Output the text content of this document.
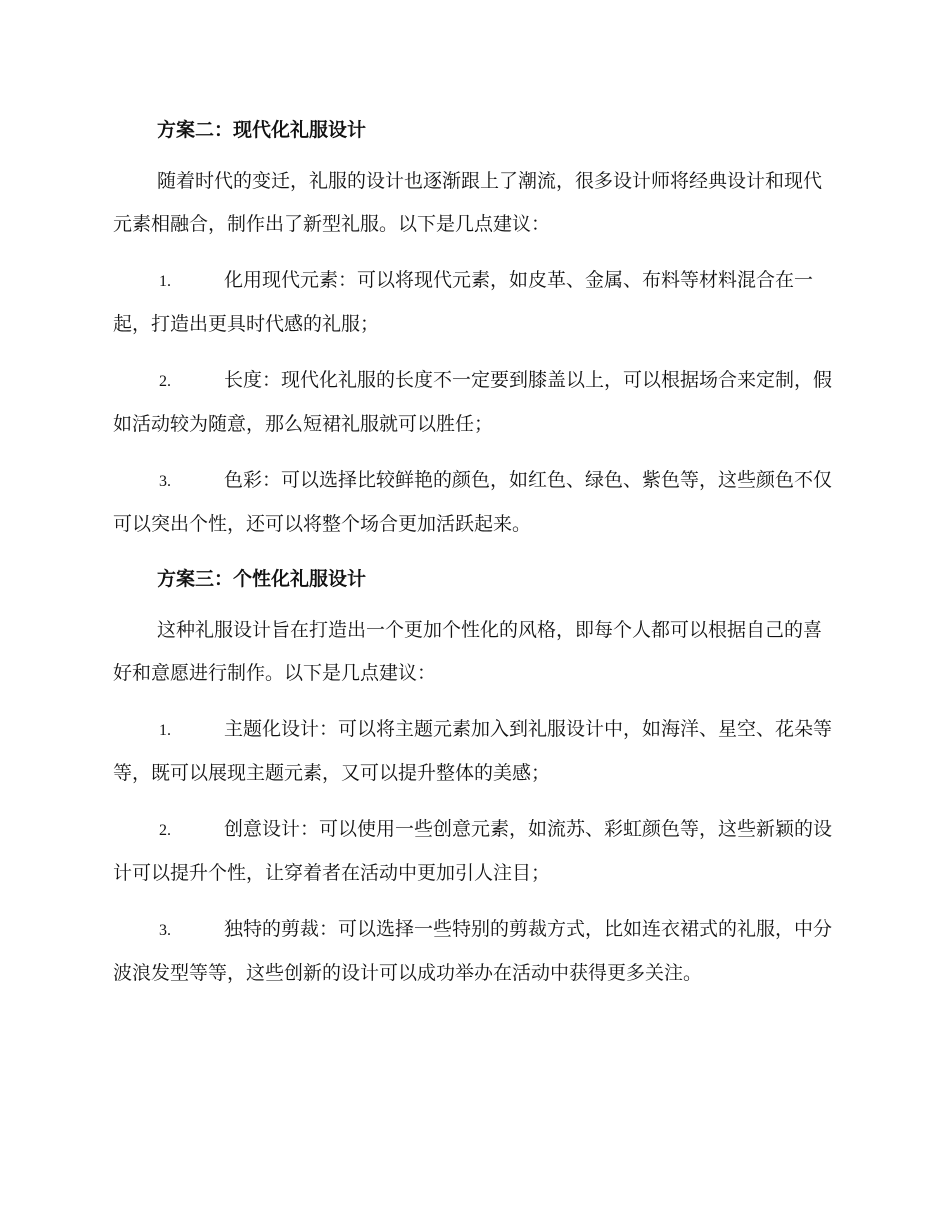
方案二：现代化礼服设计
随着时代的变迁，礼服的设计也逐渐跟上了潮流，很多设计师将经典设计和现代元素相融合，制作出了新型礼服。以下是几点建议：
1.	化用现代元素：可以将现代元素，如皮革、金属、布料等材料混合在一起，打造出更具时代感的礼服；
2.	长度：现代化礼服的长度不一定要到膝盖以上，可以根据场合来定制，假如活动较为随意，那么短裙礼服就可以胜任；
3.	色彩：可以选择比较鲜艳的颜色，如红色、绿色、紫色等，这些颜色不仅可以突出个性，还可以将整个场合更加活跃起来。
方案三：个性化礼服设计
这种礼服设计旨在打造出一个更加个性化的风格，即每个人都可以根据自己的喜好和意愿进行制作。以下是几点建议：
1.	主题化设计：可以将主题元素加入到礼服设计中，如海洋、星空、花朵等等，既可以展现主题元素，又可以提升整体的美感；
2.	创意设计：可以使用一些创意元素，如流苏、彩虹颜色等，这些新颖的设计可以提升个性，让穿着者在活动中更加引人注目；
3.	独特的剪裁：可以选择一些特别的剪裁方式，比如连衣裙式的礼服，中分波浪发型等等，这些创新的设计可以成功举办在活动中获得更多关注。
